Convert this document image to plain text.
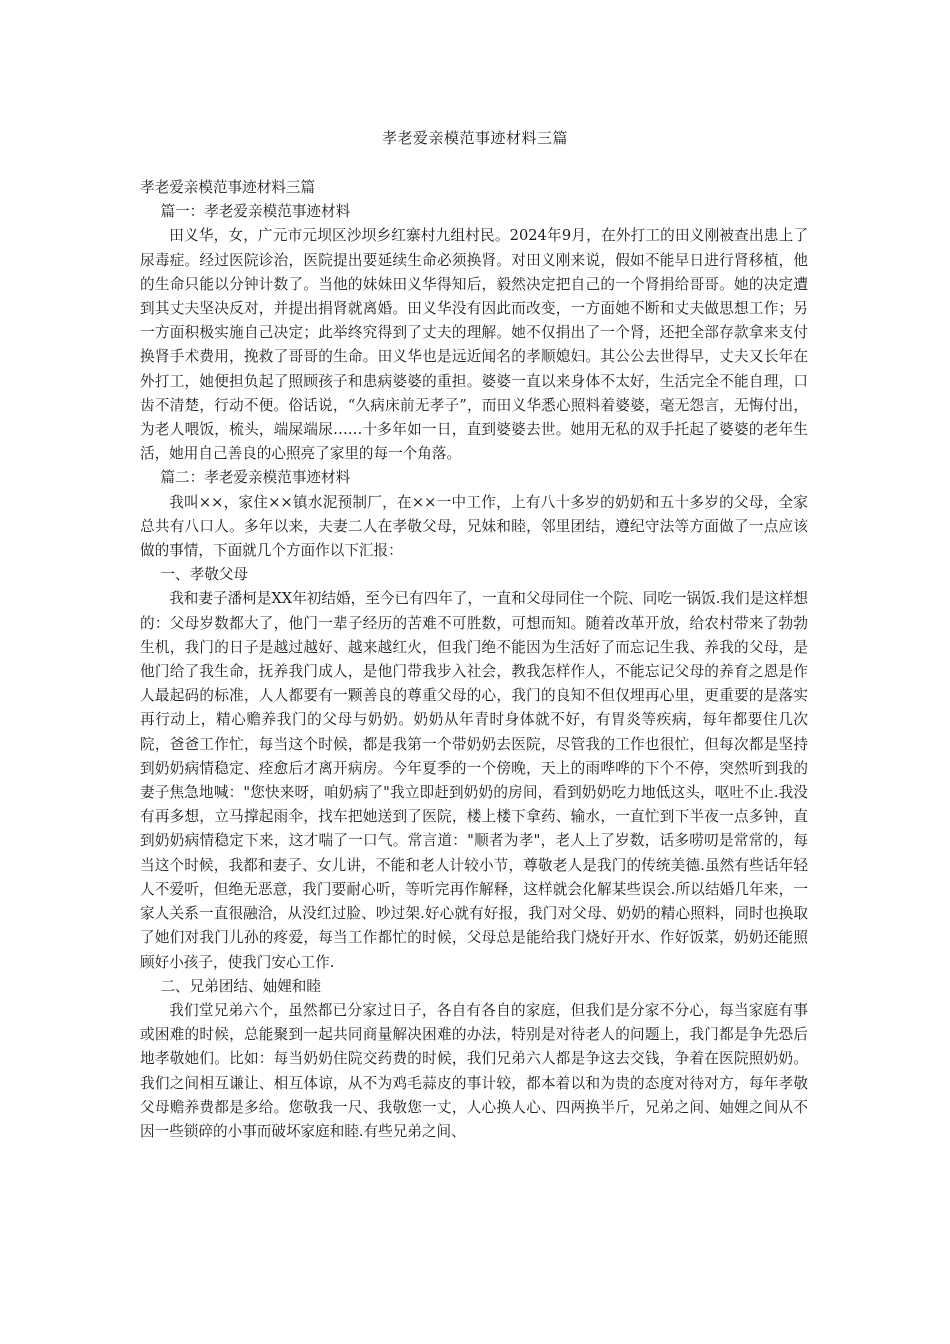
孝老爱亲模范事迹材料三篇

孝老爱亲模范事迹材料三篇

篇一：孝老爱亲模范事迹材料

田义华，女，广元市元坝区沙坝乡红寨村九组村民。2024年9月，在外打工的田义刚被查出患上了尿毒症。经过医院诊治，医院提出要延续生命必须换肾。对田义刚来说，假如不能早日进行肾移植，他的生命只能以分钟计数了。当他的妹妹田义华得知后，毅然决定把自己的一个肾捐给哥哥。她的决定遭到其丈夫坚决反对，并提出捐肾就离婚。田义华没有因此而改变，一方面她不断和丈夫做思想工作；另一方面积极实施自己决定；此举终究得到了丈夫的理解。她不仅捐出了一个肾，还把全部存款拿来支付换肾手术费用，挽救了哥哥的生命。田义华也是远近闻名的孝顺媳妇。其公公去世得早，丈夫又长年在外打工，她便担负起了照顾孩子和患病婆婆的重担。婆婆一直以来身体不太好，生活完全不能自理，口齿不清楚，行动不便。俗话说，“久病床前无孝子”，而田义华悉心照料着婆婆，毫无怨言，无悔付出，为老人喂饭，梳头，端屎端尿……十多年如一日，直到婆婆去世。她用无私的双手托起了婆婆的老年生活，她用自己善良的心照亮了家里的每一个角落。

篇二：孝老爱亲模范事迹材料

我叫××，家住××镇水泥预制厂，在××一中工作，上有八十多岁的奶奶和五十多岁的父母，全家总共有八口人。多年以来，夫妻二人在孝敬父母，兄妹和睦，邻里团结，遵纪守法等方面做了一点应该做的事情，下面就几个方面作以下汇报：

一、孝敬父母

我和妻子潘柯是XX年初结婚，至今已有四年了，一直和父母同住一个院、同吃一锅饭.我们是这样想的：父母岁数都大了，他门一辈子经历的苦难不可胜数，可想而知。随着改革开放，给农村带来了勃勃生机，我门的日子是越过越好、越来越红火，但我门绝不能因为生活好了而忘记生我、养我的父母，是他门给了我生命，抚养我门成人，是他门带我步入社会，教我怎样作人，不能忘记父母的养育之恩是作人最起码的标准，人人都要有一颗善良的尊重父母的心，我门的良知不但仅埋再心里，更重要的是落实再行动上，精心赡养我门的父母与奶奶。奶奶从年青时身体就不好，有胃炎等疾病，每年都要住几次院，爸爸工作忙，每当这个时候，都是我第一个带奶奶去医院，尽管我的工作也很忙，但每次都是坚持到奶奶病情稳定、痊愈后才离开病房。今年夏季的一个傍晚，天上的雨哗哗的下个不停，突然听到我的妻子焦急地喊："您快来呀，咱奶病了"我立即赶到奶奶的房间，看到奶奶吃力地低这头，呕吐不止.我没有再多想，立马撑起雨伞，找车把她送到了医院，楼上楼下拿药、输水，一直忙到下半夜一点多钟，直到奶奶病情稳定下来，这才喘了一口气。常言道："顺者为孝"，老人上了岁数，话多唠叨是常常的，每当这个时候，我都和妻子、女儿讲，不能和老人计较小节，尊敬老人是我门的传统美德.虽然有些话年轻人不爱听，但绝无恶意，我门要耐心听，等听完再作解释，这样就会化解某些误会.所以结婚几年来，一家人关系一直很融洽，从没红过脸、吵过架.好心就有好报，我门对父母、奶奶的精心照料，同时也换取了她们对我门儿孙的疼爱，每当工作都忙的时候，父母总是能给我门烧好开水、作好饭菜，奶奶还能照顾好小孩子，使我门安心工作.

二、兄弟团结、妯娌和睦

我们堂兄弟六个，虽然都已分家过日子，各自有各自的家庭，但我们是分家不分心，每当家庭有事或困难的时候，总能聚到一起共同商量解决困难的办法，特别是对待老人的问题上，我门都是争先恐后地孝敬她们。比如：每当奶奶住院交药费的时候，我们兄弟六人都是争这去交钱，争着在医院照奶奶。我们之间相互谦让、相互体谅，从不为鸡毛蒜皮的事计较，都本着以和为贵的态度对待对方，每年孝敬父母赡养费都是多给。您敬我一尺、我敬您一丈，人心换人心、四两换半斤，兄弟之间、妯娌之间从不因一些锁碎的小事而破坏家庭和睦.有些兄弟之间、
